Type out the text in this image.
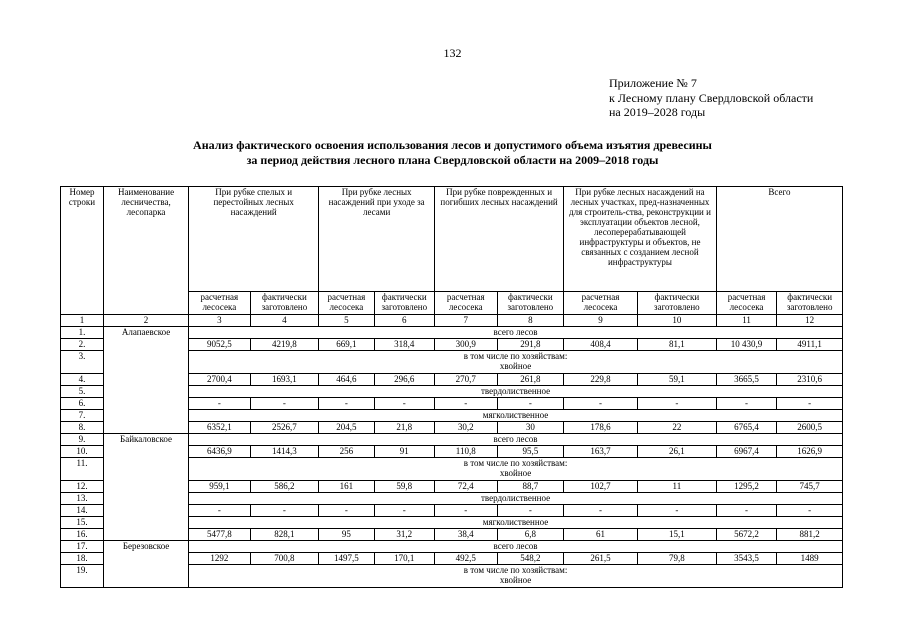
132
Приложение № 7
к Лесному плану Свердловской области
на 2019–2028 годы
Анализ фактического освоения использования лесов и допустимого объема изъятия древесины
за период действия лесного плана Свердловской области на 2009–2018 годы
Номер строки	Наименование лесничества, лесопарка	При рубке спелых и перестойных лесных насаждений		При рубке лесных насаждений при уходе за лесами		При рубке поврежденных и погибших лесных насаждений		При рубке лесных насаждений на лесных участках, пред-назначенных для строитель-ства, реконструкции и эксплуатации объектов лесной, лесоперерабатывающей инфраструктуры и объектов, не связанных с созданием лесной инфраструктуры		Всего	
		расчетная лесосека	фактически заготовлено	расчетная лесосека	фактически заготовлено	расчетная лесосека	фактически заготовлено	расчетная лесосека	фактически заготовлено	расчетная лесосека	фактически заготовлено
1	2	3	4	5	6	7	8	9	10	11	12
1.	Алапаевское	всего лесов									

2.		9052,5	4219,8	669,1	318,4	300,9	291,8	408,4	81,1	10 430,9	4911,1
3.		в том числе по хозяйствам:
хвойное									

4.		2700,4	1693,1	464,6	296,6	270,7	261,8	229,8	59,1	3665,5	2310,6
5.		твердолиственное									

6.		-	-	-	-	-	-	-	-	-	-
7.		мягколиственное									

8.		6352,1	2526,7	204,5	21,8	30,2	30	178,6	22	6765,4	2600,5
9.	Байкаловское	всего лесов									

10.		6436,9	1414,3	256	91	110,8	95,5	163,7	26,1	6967,4	1626,9
11.		в том числе по хозяйствам:
хвойное									

12.		959,1	586,2	161	59,8	72,4	88,7	102,7	11	1295,2	745,7
13.		твердолиственное									

14.		-	-	-	-	-	-	-	-	-	-
15.		мягколиственное									

16.		5477,8	828,1	95	31,2	38,4	6,8	61	15,1	5672,2	881,2
17.	Березовское	всего лесов									

18.		1292	700,8	1497,5	170,1	492,5	548,2	261,5	79,8	3543,5	1489
19.		в том числе по хозяйствам:
хвойное									
